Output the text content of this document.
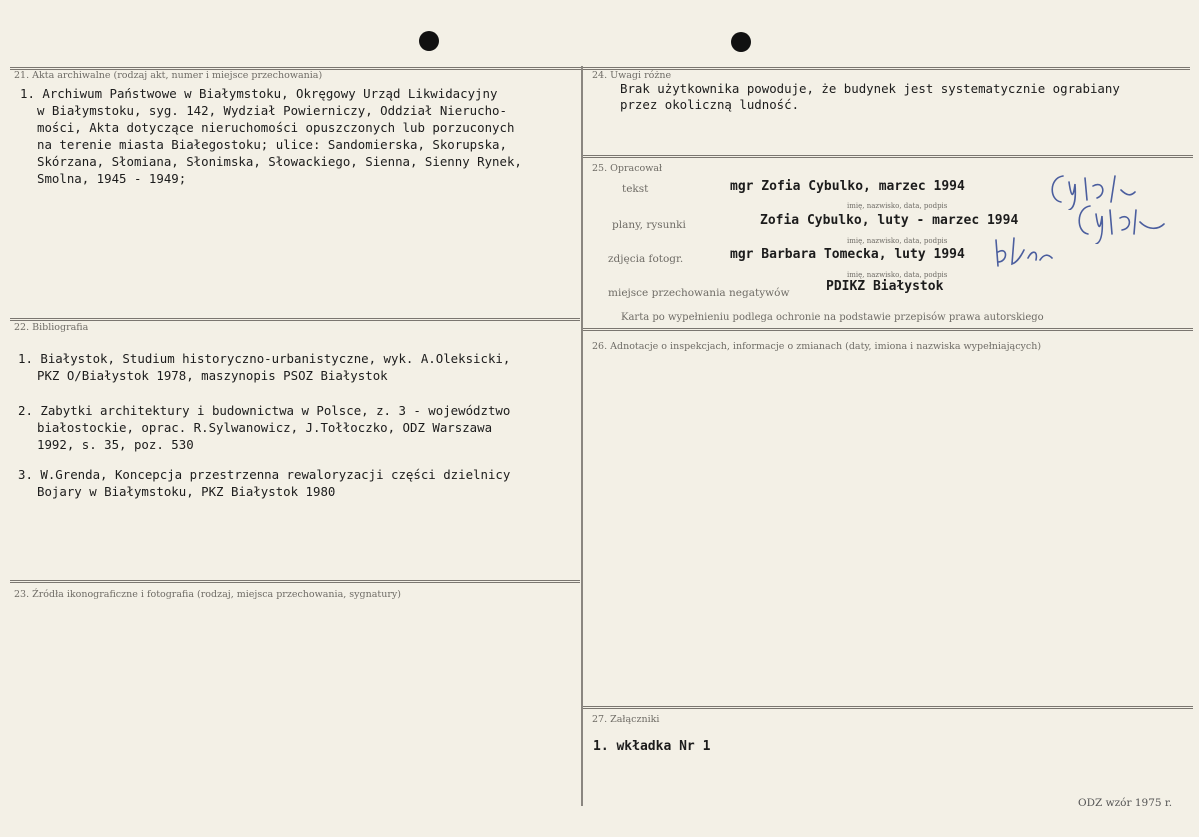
21. Akta archiwalne (rodzaj akt, numer i miejsce przechowania)
1. Archiwum Państwowe w Białymstoku, Okręgowy Urząd Likwidacyjny
w Białymstoku, syg. 142, Wydział Powierniczy, Oddział Nierucho-
mości, Akta dotyczące nieruchomości opuszczonych lub porzuconych
na terenie miasta Białegostoku; ulice: Sandomierska, Skorupska,
Skórzana, Słomiana, Słonimska, Słowackiego, Sienna, Sienny Rynek,
Smolna, 1945 - 1949;
22. Bibliografia
1. Białystok, Studium historyczno-urbanistyczne, wyk. A.Oleksicki,
PKZ O/Białystok 1978, maszynopis PSOZ Białystok
2. Zabytki architektury i budownictwa w Polsce, z. 3 - województwo
białostockie, oprac. R.Sylwanowicz, J.Tołłoczko, ODZ Warszawa
1992, s. 35, poz. 530
3. W.Grenda, Koncepcja przestrzenna rewaloryzacji części dzielnicy
Bojary w Białymstoku, PKZ Białystok 1980
23. Źródła ikonograficzne i fotografia (rodzaj, miejsca przechowania, sygnatury)
24. Uwagi różne
Brak użytkownika powoduje, że budynek jest systematycznie ograbiany
przez okoliczną ludność.
25. Opracował
tekst	mgr Zofia Cybulko, marzec 1994
imię, nazwisko, data, podpis
plany, rysunki	Zofia Cybulko, luty - marzec 1994
imię, nazwisko, data, podpis
zdjęcia fotogr.	mgr Barbara Tomecka, luty 1994
imię, nazwisko, data, podpis
miejsce przechowania negatywów	PDIKZ Białystok
Karta po wypełnieniu podlega ochronie na podstawie przepisów prawa autorskiego
26. Adnotacje o inspekcjach, informacje o zmianach (daty, imiona i nazwiska wypełniających)
27. Załączniki
1. wkładka Nr 1
ODZ wzór 1975 r.
